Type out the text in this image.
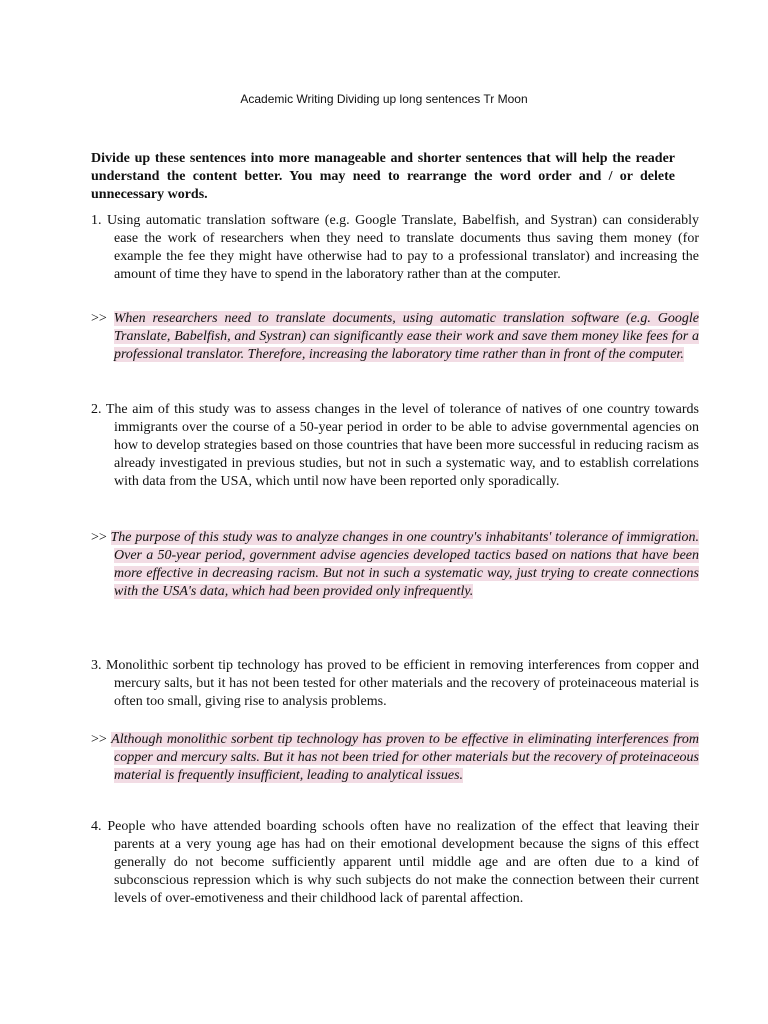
Academic Writing Dividing up long sentences Tr Moon

Divide up these sentences into more manageable and shorter sentences that will help the reader understand the content better. You may need to rearrange the word order and / or delete unnecessary words.

1. Using automatic translation software (e.g. Google Translate, Babelfish, and Systran) can considerably ease the work of researchers when they need to translate documents thus saving them money (for example the fee they might have otherwise had to pay to a professional translator) and increasing the amount of time they have to spend in the laboratory rather than at the computer.

>> When researchers need to translate documents, using automatic translation software (e.g. Google Translate, Babelfish, and Systran) can significantly ease their work and save them money like fees for a professional translator. Therefore, increasing the laboratory time rather than in front of the computer.

2. The aim of this study was to assess changes in the level of tolerance of natives of one country towards immigrants over the course of a 50-year period in order to be able to advise governmental agencies on how to develop strategies based on those countries that have been more successful in reducing racism as already investigated in previous studies, but not in such a systematic way, and to establish correlations with data from the USA, which until now have been reported only sporadically.

>> The purpose of this study was to analyze changes in one country's inhabitants' tolerance of immigration. Over a 50-year period, government advise agencies developed tactics based on nations that have been more effective in decreasing racism. But not in such a systematic way, just trying to create connections with the USA's data, which had been provided only infrequently.

3. Monolithic sorbent tip technology has proved to be efficient in removing interferences from copper and mercury salts, but it has not been tested for other materials and the recovery of proteinaceous material is often too small, giving rise to analysis problems.

>> Although monolithic sorbent tip technology has proven to be effective in eliminating interferences from copper and mercury salts. But it has not been tried for other materials but the recovery of proteinaceous material is frequently insufficient, leading to analytical issues.

4. People who have attended boarding schools often have no realization of the effect that leaving their parents at a very young age has had on their emotional development because the signs of this effect generally do not become sufficiently apparent until middle age and are often due to a kind of subconscious repression which is why such subjects do not make the connection between their current levels of over-emotiveness and their childhood lack of parental affection.
